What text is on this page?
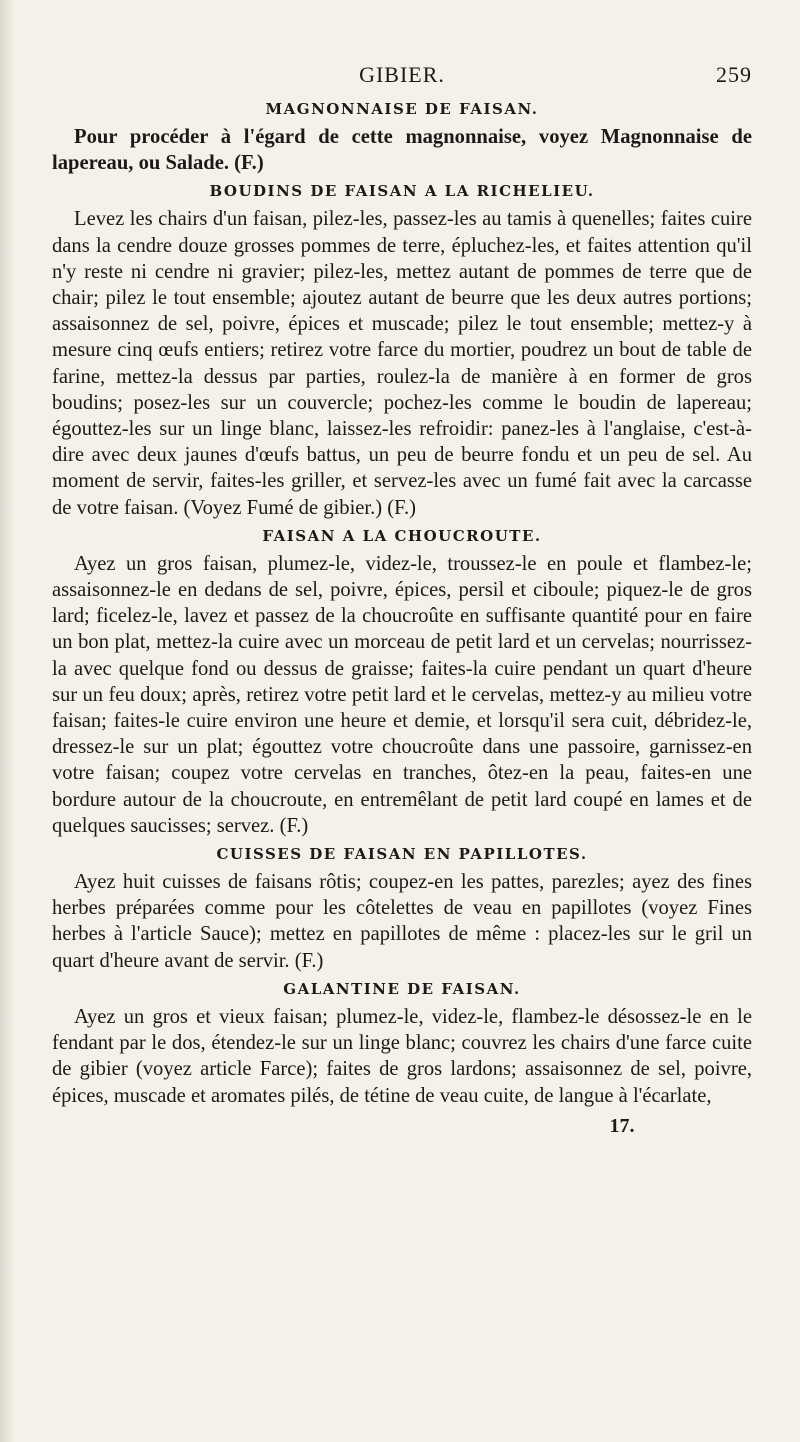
GIBIER.	259
MAGNONNAISE DE FAISAN.

Pour procéder à l'égard de cette magnonnaise, voyez Magnonnaise de lapereau, ou Salade. (F.)

BOUDINS DE FAISAN A LA RICHELIEU.

Levez les chairs d'un faisan, pilez-les, passez-les au tamis à quenelles; faites cuire dans la cendre douze grosses pommes de terre, épluchez-les, et faites attention qu'il n'y reste ni cendre ni gravier; pilez-les, mettez autant de pommes de terre que de chair; pilez le tout ensemble; ajoutez autant de beurre que les deux autres portions; assaisonnez de sel, poivre, épices et muscade; pilez le tout ensemble; mettez-y à mesure cinq œufs entiers; retirez votre farce du mortier, poudrez un bout de table de farine, mettez-la dessus par parties, roulez-la de manière à en former de gros boudins; posez-les sur un couvercle; pochez-les comme le boudin de lapereau; égouttez-les sur un linge blanc, laissez-les refroidir: panez-les à l'anglaise, c'est-à-dire avec deux jaunes d'œufs battus, un peu de beurre fondu et un peu de sel. Au moment de servir, faites-les griller, et servez-les avec un fumé fait avec la carcasse de votre faisan. (Voyez Fumé de gibier.) (F.)

FAISAN A LA CHOUCROUTE.

Ayez un gros faisan, plumez-le, videz-le, troussez-le en poule et flambez-le; assaisonnez-le en dedans de sel, poivre, épices, persil et ciboule; piquez-le de gros lard; ficelez-le, lavez et passez de la choucroûte en suffisante quantité pour en faire un bon plat, mettez-la cuire avec un morceau de petit lard et un cervelas; nourrissez-la avec quelque fond ou dessus de graisse; faites-la cuire pendant un quart d'heure sur un feu doux; après, retirez votre petit lard et le cervelas, mettez-y au milieu votre faisan; faites-le cuire environ une heure et demie, et lorsqu'il sera cuit, débridez-le, dressez-le sur un plat; égouttez votre choucroûte dans une passoire, garnissez-en votre faisan; coupez votre cervelas en tranches, ôtez-en la peau, faites-en une bordure autour de la choucroute, en entremêlant de petit lard coupé en lames et de quelques saucisses; servez. (F.)

CUISSES DE FAISAN EN PAPILLOTES.

Ayez huit cuisses de faisans rôtis; coupez-en les pattes, parezles; ayez des fines herbes préparées comme pour les côtelettes de veau en papillotes (voyez Fines herbes à l'article Sauce); mettez en papillotes de même : placez-les sur le gril un quart d'heure avant de servir. (F.)

GALANTINE DE FAISAN.

Ayez un gros et vieux faisan; plumez-le, videz-le, flambez-le désossez-le en le fendant par le dos, étendez-le sur un linge blanc; couvrez les chairs d'une farce cuite de gibier (voyez article Farce); faites de gros lardons; assaisonnez de sel, poivre, épices, muscade et aromates pilés, de tétine de veau cuite, de langue à l'écarlate,

17.
